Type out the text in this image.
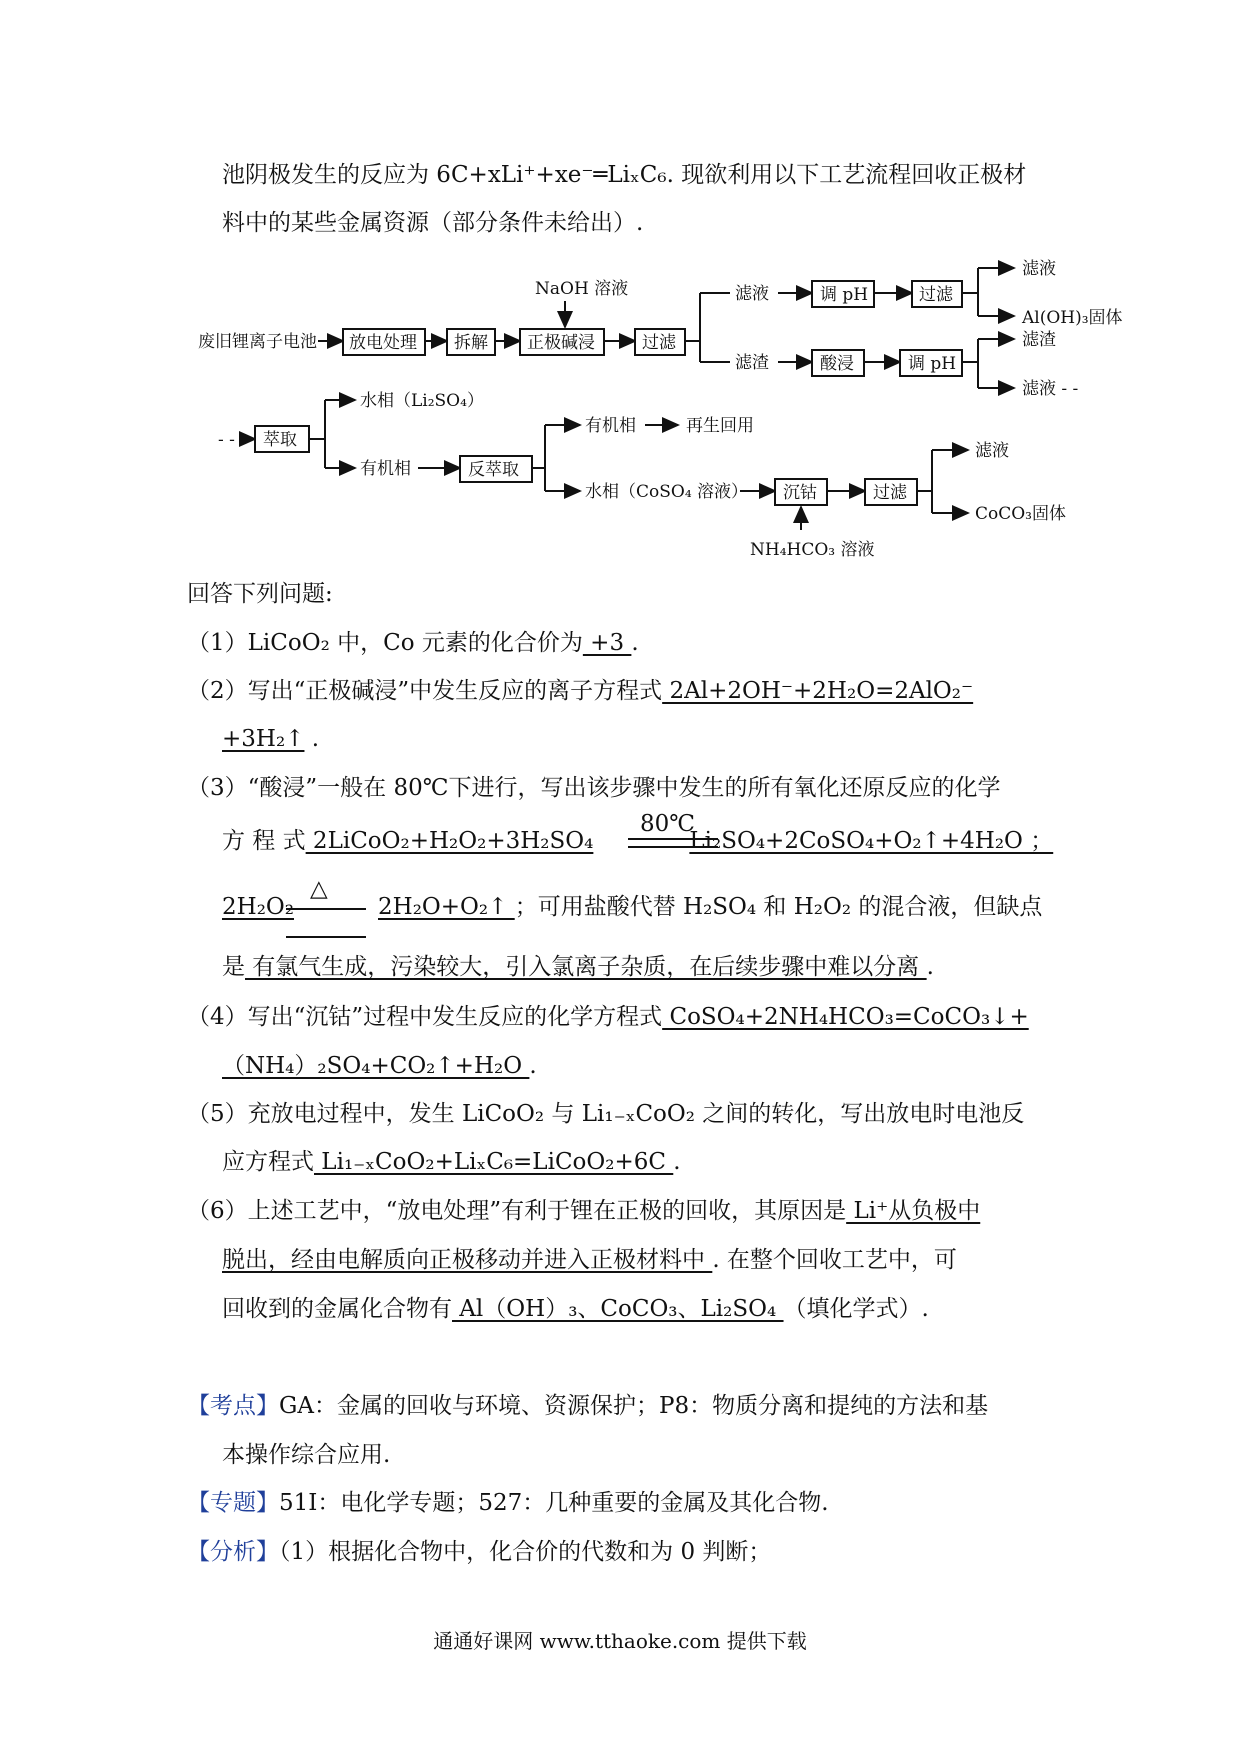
池阴极发生的反应为 6C+xLi⁺+xe⁻═LiₓC₆. 现欲利用以下工艺流程回收正极材
料中的某些金属资源（部分条件未给出）.
废旧锂离子电池 放电处理 拆解
NaOH 溶液
正极碱浸	过滤
滤液	调 pH	过滤
滤液
Al(OH)₃固体
滤渣	酸浸	调 pH
滤渣
滤液 - -
- - 萃取
水相（Li₂SO₄）
有机相	反萃取
有机相	再生回用
水相（CoSO₄ 溶液） 沉钴
NH₄HCO₃ 溶液
过滤
滤液
CoCO₃固体
回答下列问题:
（1）LiCoO₂ 中，Co 元素的化合价为 +3 .
（2）写出“正极碱浸”中发生反应的离子方程式 2Al+2OH⁻+2H₂O=2AlO₂⁻
+3H₂↑ .
（3）“酸浸”一般在 80℃下进行，写出该步骤中发生的所有氧化还原反应的化学
方 程 式 2LiCoO₂+H₂O₂+3H₂SO₄	Li₂SO₄+2CoSO₄+O₂↑+4H₂O ；
80℃
2H₂O₂	2H₂O+O₂↑ ；可用盐酸代替 H₂SO₄ 和 H₂O₂ 的混合液，但缺点
△
是 有氯气生成，污染较大，引入氯离子杂质，在后续步骤中难以分离 .
（4）写出“沉钴”过程中发生反应的化学方程式 CoSO₄+2NH₄HCO₃=CoCO₃↓+
（NH₄）₂SO₄+CO₂↑+H₂O .
（5）充放电过程中，发生 LiCoO₂ 与 Li₁₋ₓCoO₂ 之间的转化，写出放电时电池反
应方程式 Li₁₋ₓCoO₂+LiₓC₆=LiCoO₂+6C .
（6）上述工艺中，“放电处理”有利于锂在正极的回收，其原因是 Li⁺从负极中
脱出，经由电解质向正极移动并进入正极材料中 . 在整个回收工艺中，可
回收到的金属化合物有 Al（OH）₃、CoCO₃、Li₂SO₄ （填化学式）.
【考点】GA：金属的回收与环境、资源保护；P8：物质分离和提纯的方法和基
本操作综合应用.
【专题】51I：电化学专题；527：几种重要的金属及其化合物.
【分析】（1）根据化合物中，化合价的代数和为 0 判断；
通通好课网 www.tthaoke.com 提供下载
